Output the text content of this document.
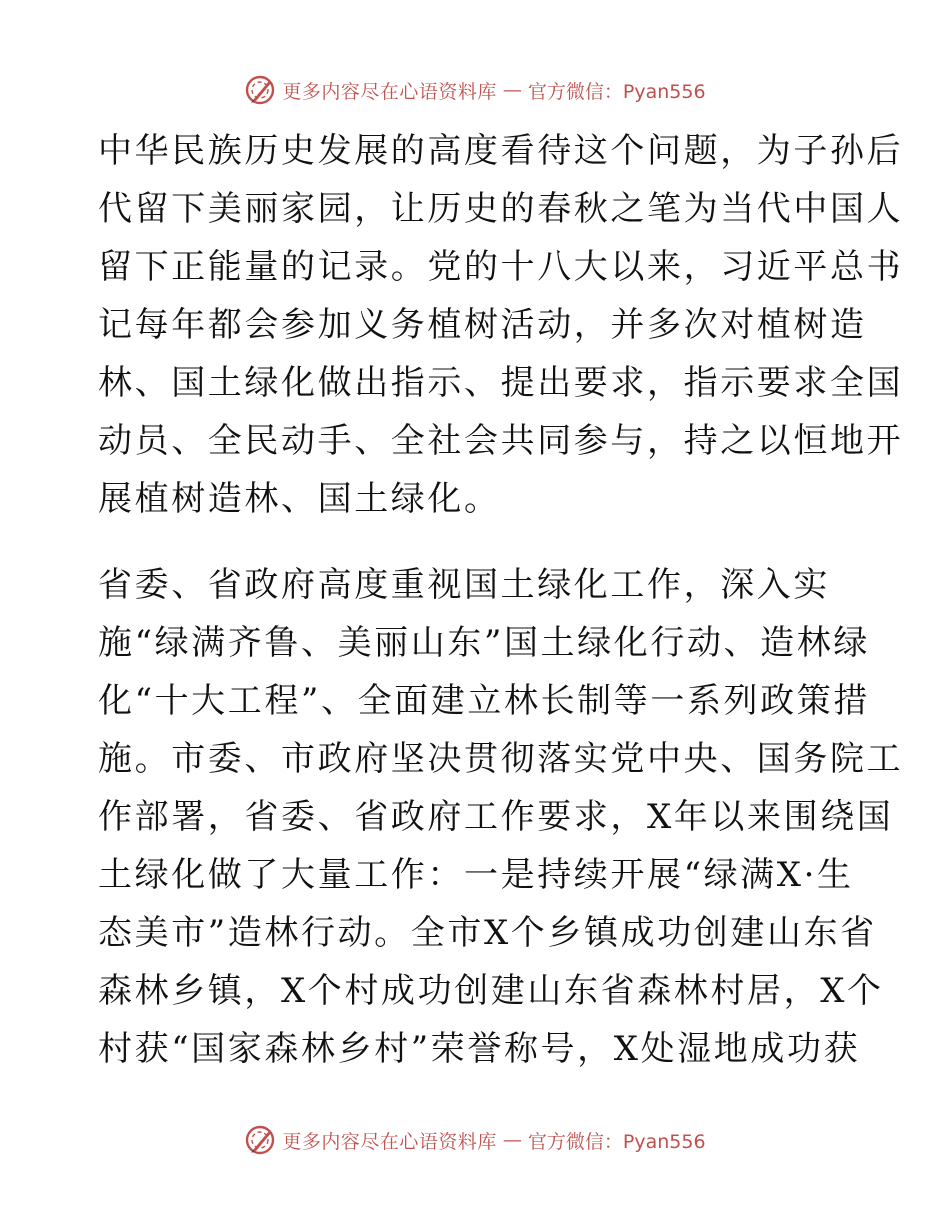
更多内容尽在心语资料库 — 官方微信：Pyan556
中华民族历史发展的高度看待这个问题，为子孙后
代留下美丽家园，让历史的春秋之笔为当代中国人
留下正能量的记录。党的十八大以来，习近平总书
记每年都会参加义务植树活动，并多次对植树造
林、国土绿化做出指示、提出要求，指示要求全国
动员、全民动手、全社会共同参与，持之以恒地开
展植树造林、国土绿化。
省委、省政府高度重视国土绿化工作，深入实
施“绿满齐鲁、美丽山东”国土绿化行动、造林绿
化“十大工程”、全面建立林长制等一系列政策措
施。市委、市政府坚决贯彻落实党中央、国务院工
作部署，省委、省政府工作要求，X年以来围绕国
土绿化做了大量工作：一是持续开展“绿满X·生
态美市”造林行动。全市X个乡镇成功创建山东省
森林乡镇，X个村成功创建山东省森林村居，X个
村获“国家森林乡村”荣誉称号，X处湿地成功获
更多内容尽在心语资料库 — 官方微信：Pyan556
